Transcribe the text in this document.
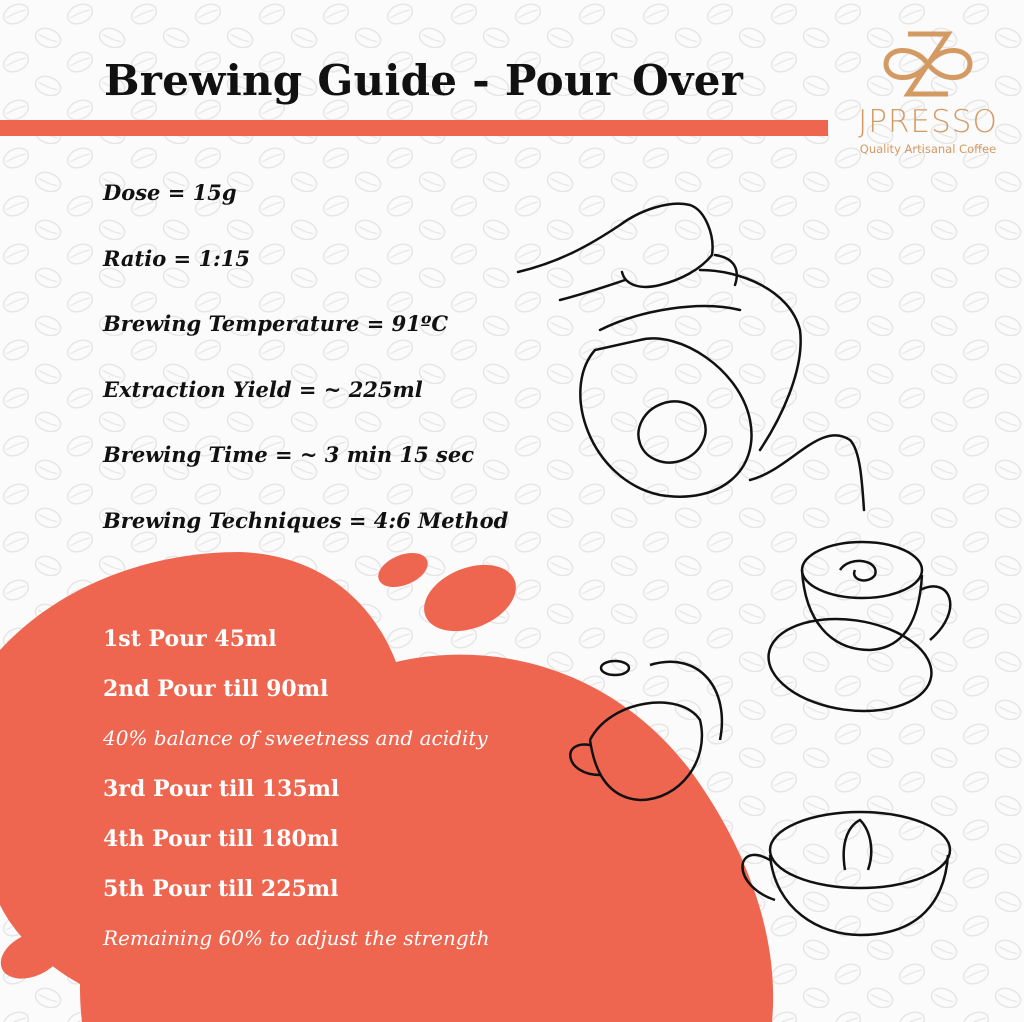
Brewing Guide - Pour Over
JPRESSO
Quality Artisanal Coffee
Dose = 15g
Ratio = 1:15
Brewing Temperature = 91ºC
Extraction Yield = ~ 225ml
Brewing Time = ~ 3 min 15 sec
Brewing Techniques = 4:6 Method
1st Pour 45ml
2nd Pour till 90ml
40% balance of sweetness and acidity
3rd Pour till 135ml
4th Pour till 180ml
5th Pour till 225ml
Remaining 60% to adjust the strength
